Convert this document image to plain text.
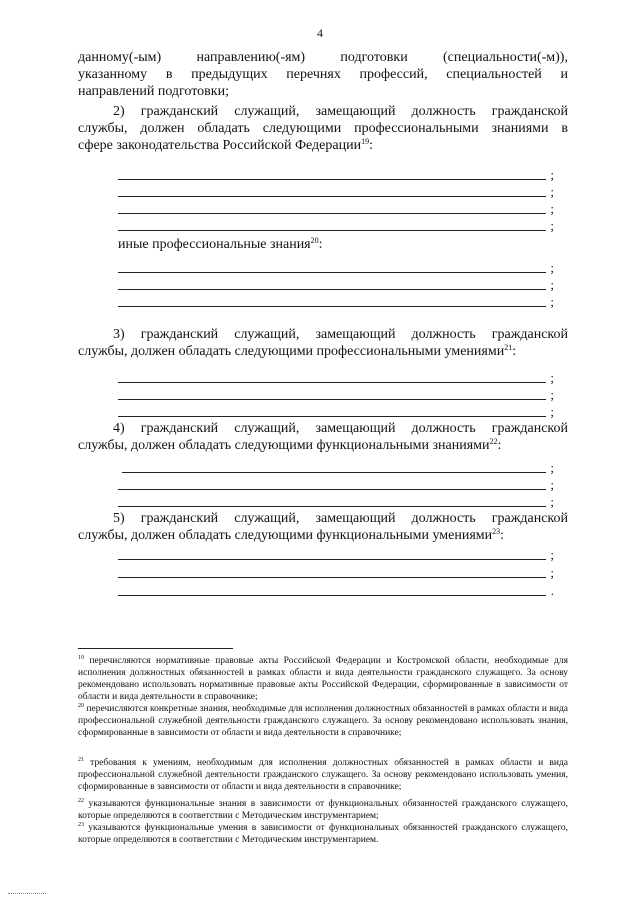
4
данному(-ым)	направлению(-ям)	подготовки	(специальности(-м)),
указанному в предыдущих перечнях профессий, специальностей и
направлений подготовки;
2) гражданский служащий, замещающий должность гражданской
службы, должен обладать следующими профессиональными знаниями в
сфере законодательства Российской Федерации$^{19}$:
;
;
;
;
иные профессиональные знания$^{20}$:
;
;
;
3) гражданский служащий, замещающий должность гражданской
службы, должен обладать следующими профессиональными умениями$^{21}$:
;
;
;
4) гражданский служащий, замещающий должность гражданской
службы, должен обладать следующими функциональными знаниями$^{22}$:
;
;
;
5) гражданский служащий, замещающий должность гражданской
службы, должен обладать следующими функциональными умениями$^{23}$:
;
;
.
$^{19}$ перечисляются нормативные правовые акты Российской Федерации и Костромской области, необходимые для исполнения должностных обязанностей в рамках области и вида деятельности гражданского служащего. За основу рекомендовано использовать нормативные правовые акты Российской Федерации, сформированные в зависимости от области и вида деятельности в справочнике;
$^{20}$ перечисляются конкретные знания, необходимые для исполнения должностных обязанностей в рамках области и вида профессиональной служебной деятельности гражданского служащего. За основу рекомендовано использовать знания, сформированные в зависимости от области и вида деятельности в справочнике;
$^{21}$ требования к умениям, необходимым для исполнения должностных обязанностей в рамках области и вида профессиональной служебной деятельности гражданского служащего. За основу рекомендовано использовать умения, сформированные в зависимости от области и вида деятельности в справочнике;
$^{22}$ указываются функциональные знания в зависимости от функциональных обязанностей гражданского служащего, которые определяются в соответствии с Методическим инструментарием;
$^{23}$ указываются функциональные умения в зависимости от функциональных обязанностей гражданского служащего, которые определяются в соответствии с Методическим инструментарием.
